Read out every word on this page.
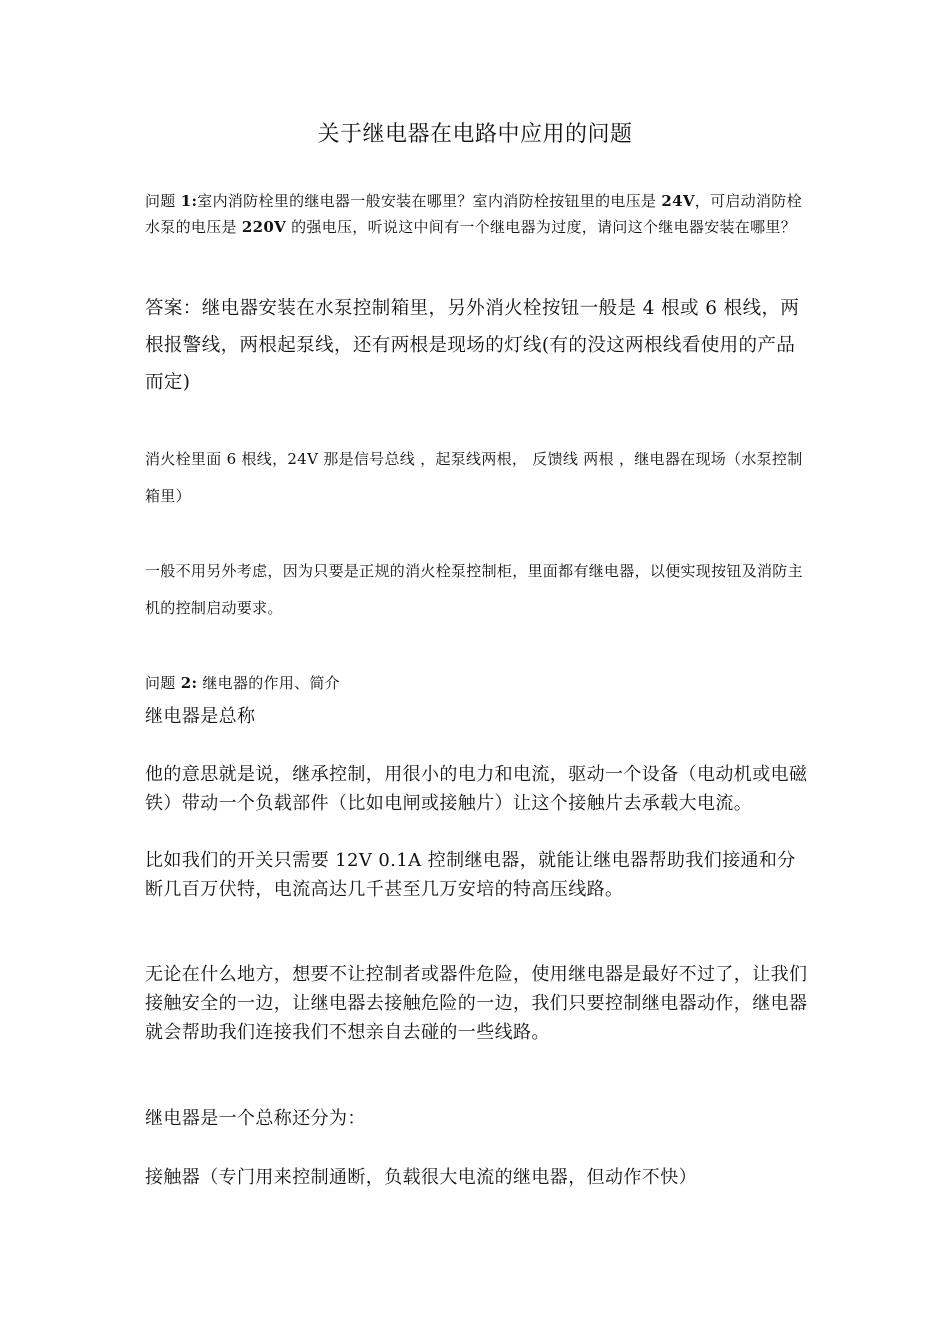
关于继电器在电路中应用的问题

问题 1:室内消防栓里的继电器一般安装在哪里？室内消防栓按钮里的电压是 24V，可启动消防栓水泵的电压是 220V 的强电压，听说这中间有一个继电器为过度，请问这个继电器安装在哪里？

答案：继电器安装在水泵控制箱里，另外消火栓按钮一般是 4 根或 6 根线，两根报警线，两根起泵线，还有两根是现场的灯线(有的没这两根线看使用的产品而定)

消火栓里面 6 根线，24V 那是信号总线 ，起泵线两根， 反馈线 两根 ，继电器在现场（水泵控制箱里）

一般不用另外考虑，因为只要是正规的消火栓泵控制柜，里面都有继电器，以便实现按钮及消防主机的控制启动要求。

问题 2: 继电器的作用、简介

继电器是总称

他的意思就是说，继承控制，用很小的电力和电流，驱动一个设备（电动机或电磁铁）带动一个负载部件（比如电闸或接触片）让这个接触片去承载大电流。

比如我们的开关只需要 12V 0.1A 控制继电器，就能让继电器帮助我们接通和分断几百万伏特，电流高达几千甚至几万安培的特高压线路。

无论在什么地方，想要不让控制者或器件危险，使用继电器是最好不过了，让我们接触安全的一边，让继电器去接触危险的一边，我们只要控制继电器动作，继电器就会帮助我们连接我们不想亲自去碰的一些线路。

继电器是一个总称还分为：

接触器（专门用来控制通断，负载很大电流的继电器，但动作不快）
